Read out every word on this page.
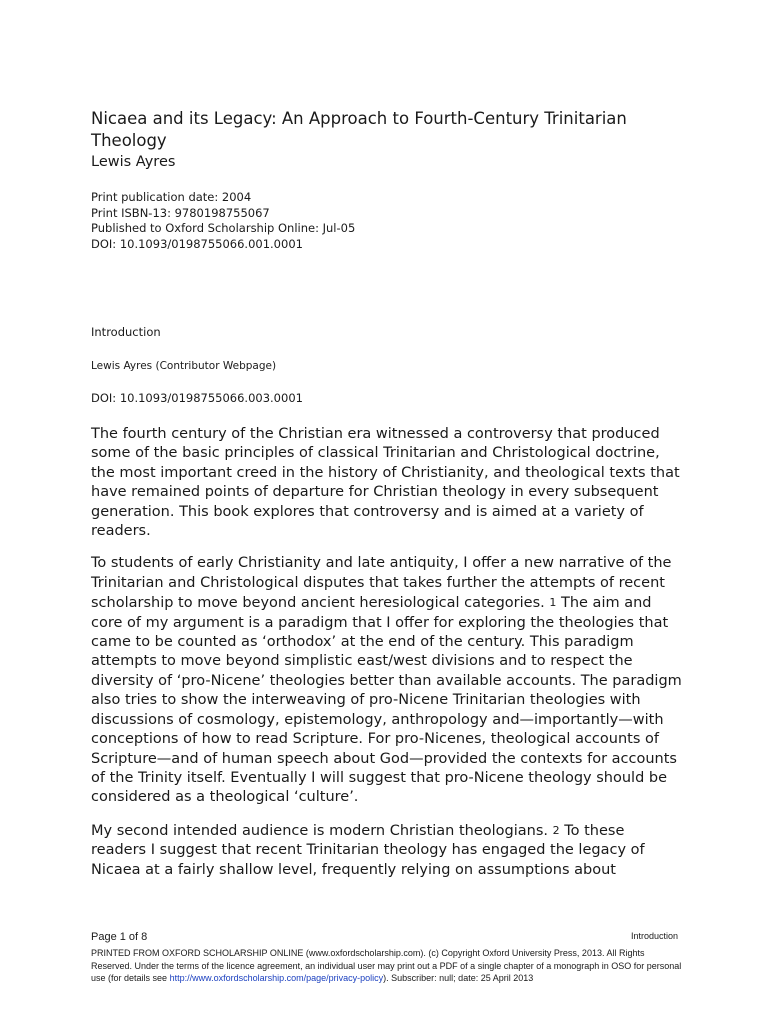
Nicaea and its Legacy: An Approach to Fourth-Century Trinitarian Theology
Lewis Ayres
Print publication date: 2004
Print ISBN-13: 9780198755067
Published to Oxford Scholarship Online: Jul-05
DOI: 10.1093/0198755066.001.0001
Introduction
Lewis Ayres (Contributor Webpage)
DOI: 10.1093/0198755066.003.0001

The fourth century of the Christian era witnessed a controversy that produced some of the basic principles of classical Trinitarian and Christological doctrine, the most important creed in the history of Christianity, and theological texts that have remained points of departure for Christian theology in every subsequent generation. This book explores that controversy and is aimed at a variety of readers.

To students of early Christianity and late antiquity, I offer a new narrative of the Trinitarian and Christological disputes that takes further the attempts of recent scholarship to move beyond ancient heresiological categories. 1 The aim and core of my argument is a paradigm that I offer for exploring the theologies that came to be counted as ‘orthodox’ at the end of the century. This paradigm attempts to move beyond simplistic east/west divisions and to respect the diversity of ‘pro-Nicene’ theologies better than available accounts. The paradigm also tries to show the interweaving of pro-Nicene Trinitarian theologies with discussions of cosmology, epistemology, anthropology and—importantly—with conceptions of how to read Scripture. For pro-Nicenes, theological accounts of Scripture—and of human speech about God—provided the contexts for accounts of the Trinity itself. Eventually I will suggest that pro-Nicene theology should be considered as a theological ‘culture’.

My second intended audience is modern Christian theologians. 2 To these readers I suggest that recent Trinitarian theology has engaged the legacy of Nicaea at a fairly shallow level, frequently relying on assumptions about

Page 1 of 8	Introduction
PRINTED FROM OXFORD SCHOLARSHIP ONLINE (www.oxfordscholarship.com). (c) Copyright Oxford University Press, 2013. All Rights Reserved. Under the terms of the licence agreement, an individual user may print out a PDF of a single chapter of a monograph in OSO for personal use (for details see http://www.oxfordscholarship.com/page/privacy-policy). Subscriber: null; date: 25 April 2013
